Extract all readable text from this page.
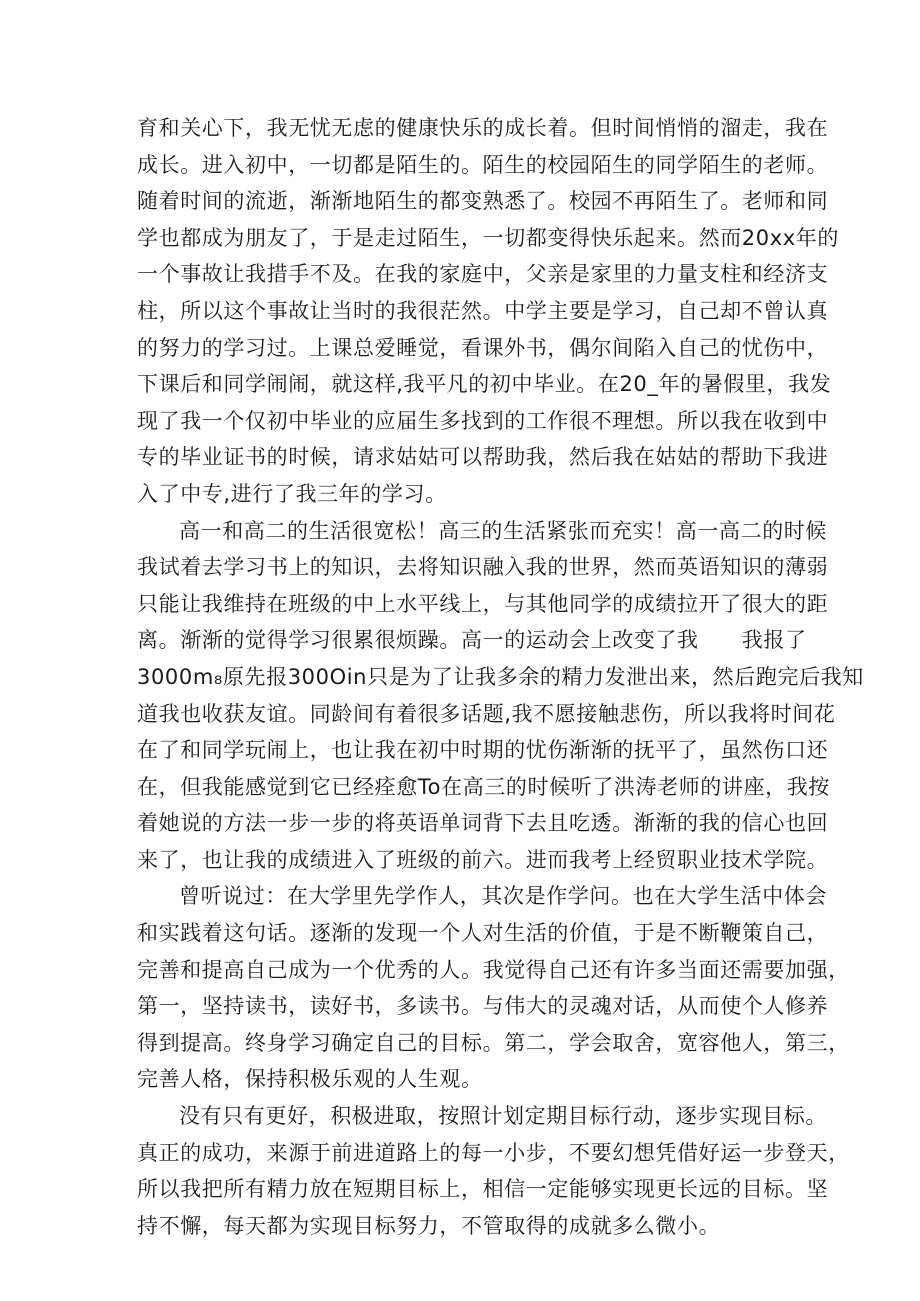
育和关心下，我无忧无虑的健康快乐的成长着。但时间悄悄的溜走，我在
成长。进入初中，一切都是陌生的。陌生的校园陌生的同学陌生的老师。
随着时间的流逝，渐渐地陌生的都变熟悉了。校园不再陌生了。老师和同
学也都成为朋友了，于是走过陌生，一切都变得快乐起来。然而20xx年的
一个事故让我措手不及。在我的家庭中，父亲是家里的力量支柱和经济支
柱，所以这个事故让当时的我很茫然。中学主要是学习，自己却不曾认真
的努力的学习过。上课总爱睡觉，看课外书，偶尔间陷入自己的忧伤中，
下课后和同学闹闹，就这样,我平凡的初中毕业。在20_年的暑假里，我发
现了我一个仅初中毕业的应届生多找到的工作很不理想。所以我在收到中
专的毕业证书的时候，请求姑姑可以帮助我，然后我在姑姑的帮助下我进
入了中专,进行了我三年的学习。
高一和高二的生活很宽松！高三的生活紧张而充实！高一高二的时候
我试着去学习书上的知识，去将知识融入我的世界，然而英语知识的薄弱
只能让我维持在班级的中上水平线上，与其他同学的成绩拉开了很大的距
离。渐渐的觉得学习很累很烦躁。高一的运动会上改变了我　　我报了
3000m₈原先报300Oin只是为了让我多余的精力发泄出来，然后跑完后我知
道我也收获友谊。同龄间有着很多话题,我不愿接触悲伤，所以我将时间花
在了和同学玩闹上，也让我在初中时期的忧伤渐渐的抚平了，虽然伤口还
在，但我能感觉到它已经痊愈To在高三的时候听了洪涛老师的讲座，我按
着她说的方法一步一步的将英语单词背下去且吃透。渐渐的我的信心也回
来了，也让我的成绩进入了班级的前六。进而我考上经贸职业技术学院。
曾听说过：在大学里先学作人，其次是作学问。也在大学生活中体会
和实践着这句话。逐渐的发现一个人对生活的价值，于是不断鞭策自己，
完善和提高自己成为一个优秀的人。我觉得自己还有许多当面还需要加强，
第一，坚持读书，读好书，多读书。与伟大的灵魂对话，从而使个人修养
得到提高。终身学习确定自己的目标。第二，学会取舍，宽容他人，第三，
完善人格，保持积极乐观的人生观。
没有只有更好，积极进取，按照计划定期目标行动，逐步实现目标。
真正的成功，来源于前进道路上的每一小步，不要幻想凭借好运一步登天，
所以我把所有精力放在短期目标上，相信一定能够实现更长远的目标。坚
持不懈，每天都为实现目标努力，不管取得的成就多么微小。
